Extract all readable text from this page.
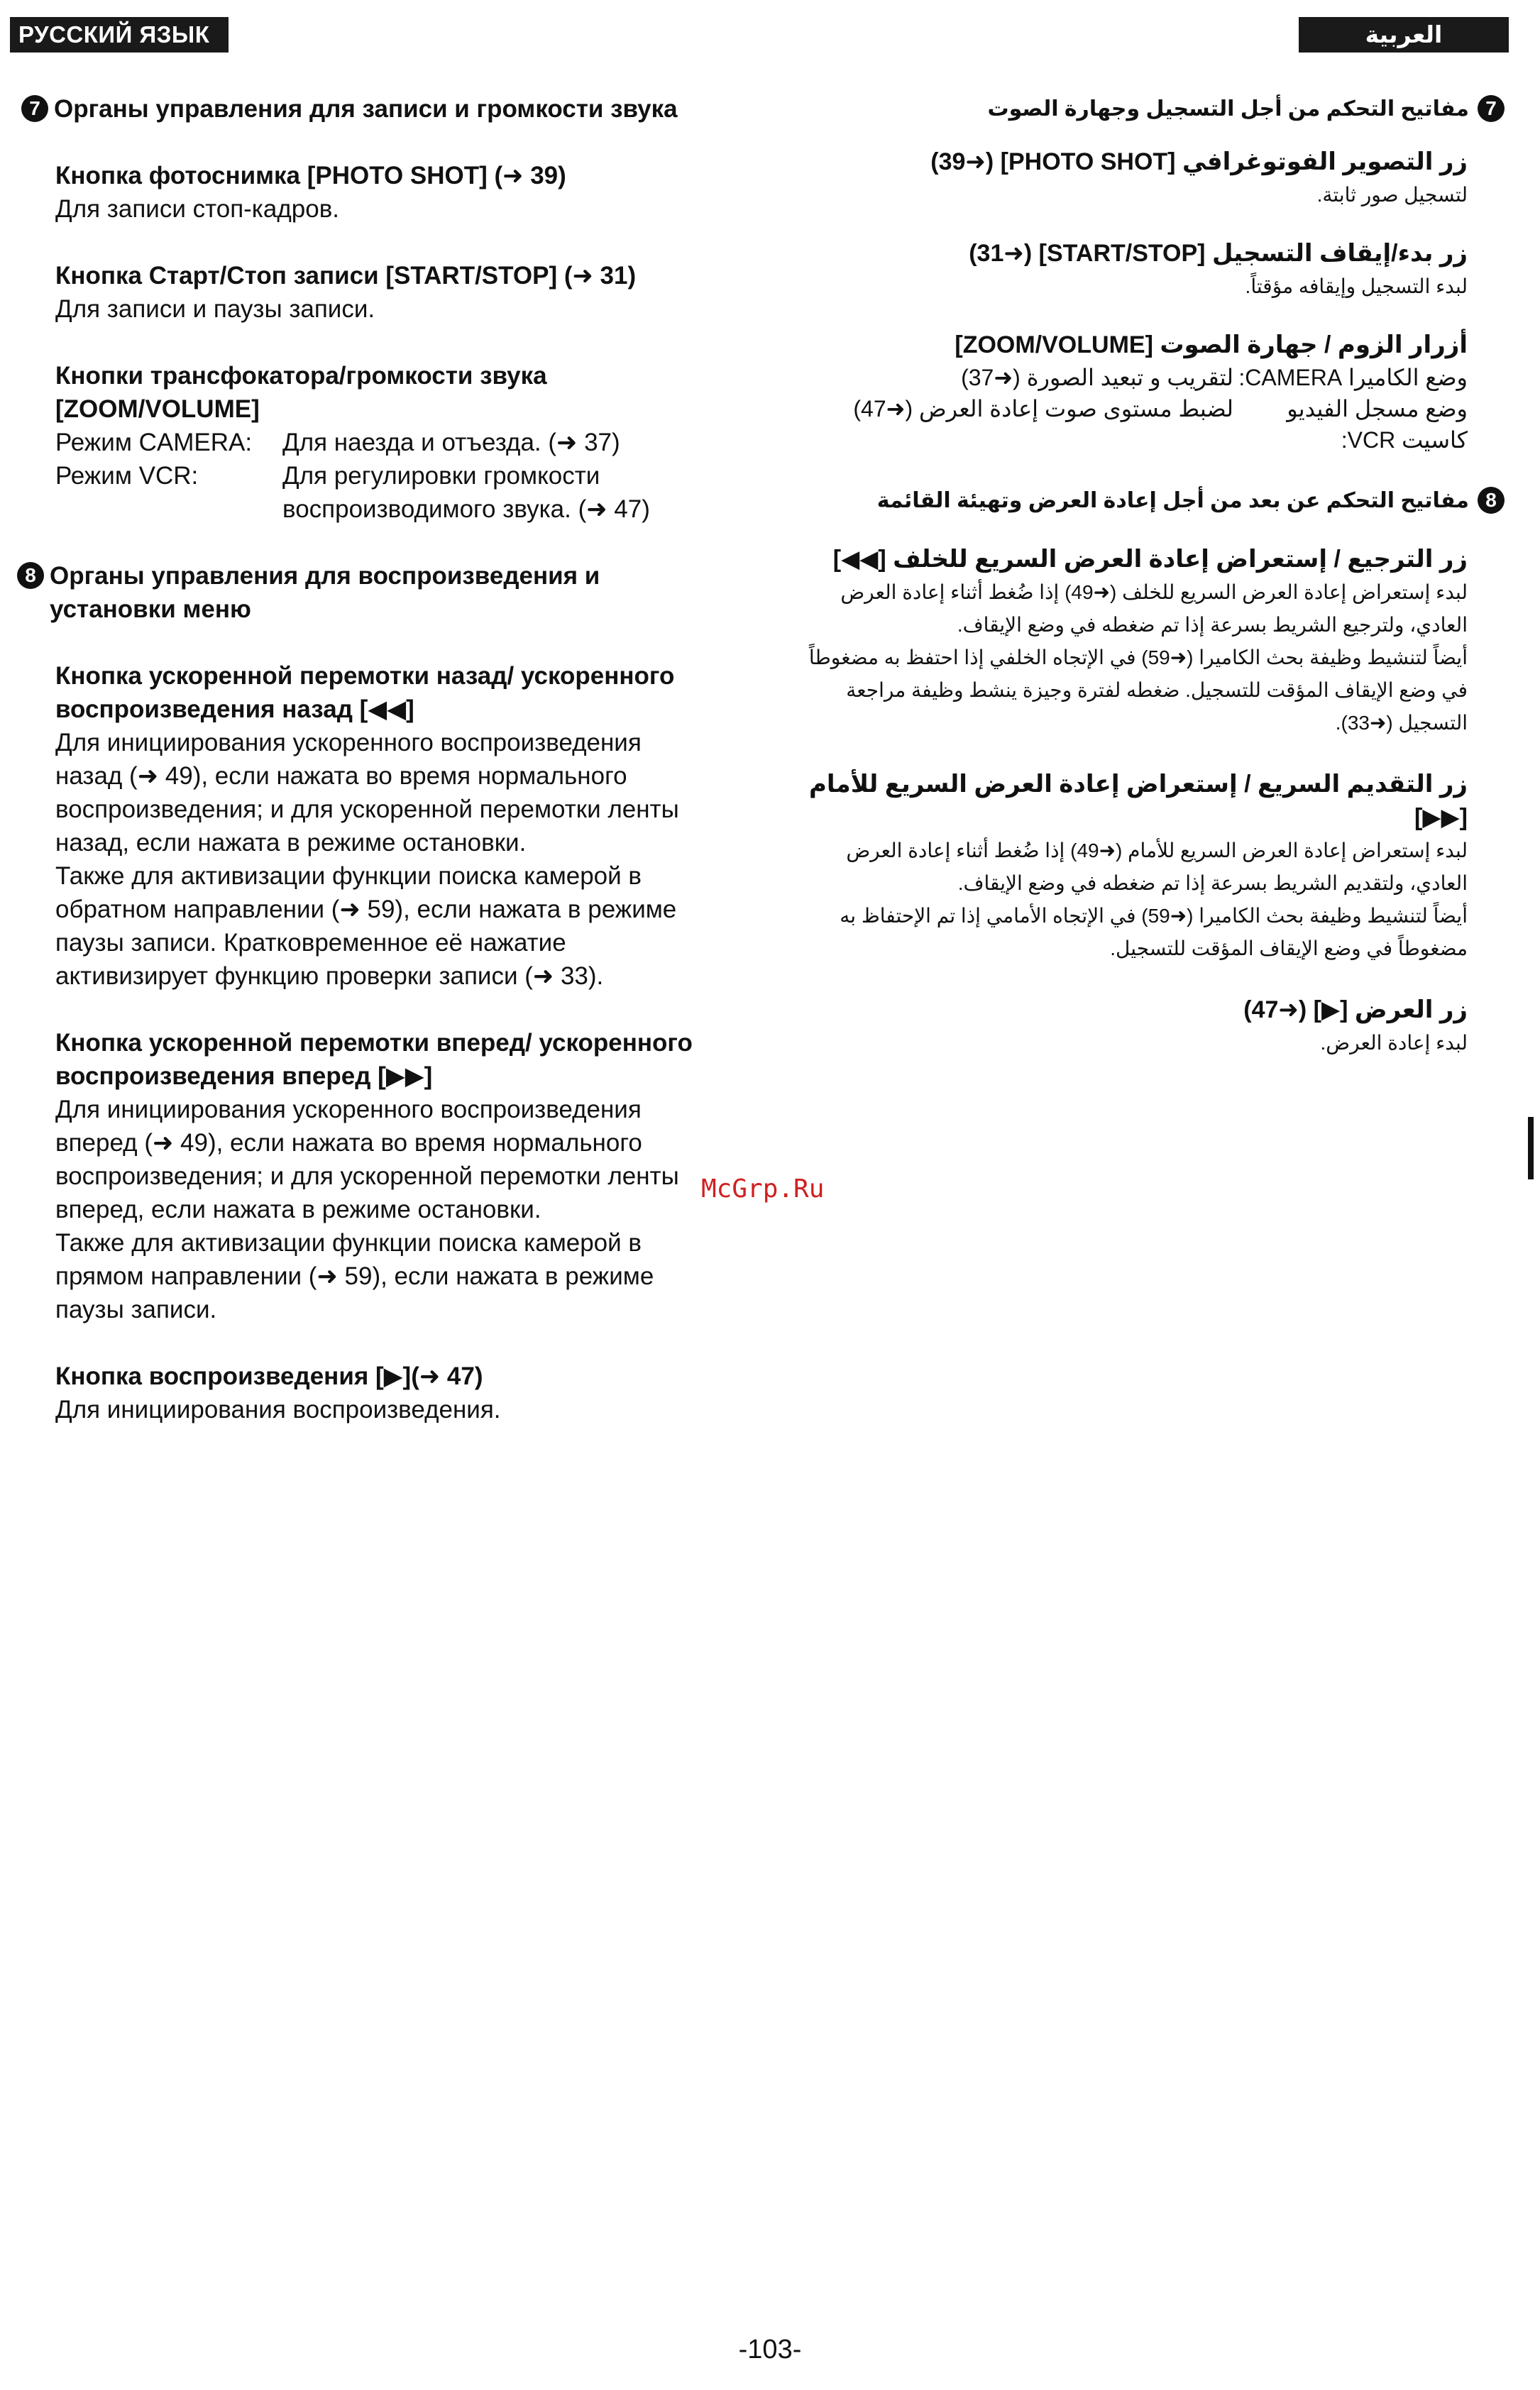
РУССКИЙ ЯЗЫК	العربية
7 Органы управления для записи и громкости звука
Кнопка фотоснимка [PHOTO SHOT] (➜ 39)
Для записи стоп-кадров.
Кнопка Старт/Стоп записи [START/STOP] (➜ 31)
Для записи и паузы записи.
Кнопки трансфокатора/громкости звука [ZOOM/VOLUME]
Режим CAMERA:	Для наезда и отъезда. (➜ 37)
Режим VCR:	Для регулировки громкости воспроизводимого звука. (➜ 47)
8 Органы управления для воспроизведения и установки меню
Кнопка ускоренной перемотки назад/ ускоренного воспроизведения назад [◀◀]
Для инициирования ускоренного воспроизведения назад (➜ 49), если нажата во время нормального воспроизведения; и для ускоренной перемотки ленты назад, если нажата в режиме остановки.
Также для активизации функции поиска камерой в обратном направлении (➜ 59), если нажата в режиме паузы записи. Кратковременное её нажатие активизирует функцию проверки записи (➜ 33).
Кнопка ускоренной перемотки вперед/ ускоренного воспроизведения вперед [▶▶]
Для инициирования ускоренного воспроизведения вперед (➜ 49), если нажата во время нормального воспроизведения; и для ускоренной перемотки ленты вперед, если нажата в режиме остановки.
Также для активизации функции поиска камерой в прямом направлении (➜ 59), если нажата в режиме паузы записи.
Кнопка воспроизведения [▶](➜ 47)
Для инициирования воспроизведения.
7
مفاتيح التحكم من أجل التسجيل وجهارة الصوت
زر التصوير الفوتوغرافي [PHOTO SHOT] (➜39)
لتسجيل صور ثابتة.
زر بدء/إيقاف التسجيل [START/STOP] (➜31)
لبدء التسجيل وإيقافه مؤقتاً.
أزرار الزوم / جهارة الصوت [ZOOM/VOLUME]
وضع الكاميرا CAMERA:
لتقريب و تبعيد الصورة (➜37)
وضع مسجل الفيديو كاسيت VCR:
لضبط مستوى صوت إعادة العرض (➜47)
8
مفاتيح التحكم عن بعد من أجل إعادة العرض وتهيئة القائمة
زر الترجيع / إستعراض إعادة العرض السريع للخلف [◀◀]
لبدء إستعراض إعادة العرض السريع للخلف (➜49) إذا ضُغط أثناء إعادة العرض العادي، ولترجيع الشريط بسرعة إذا تم ضغطه في وضع الإيقاف.
أيضاً لتنشيط وظيفة بحث الكاميرا (➜59) في الإتجاه الخلفي إذا احتفظ به مضغوطاً في وضع الإيقاف المؤقت للتسجيل. ضغطه لفترة وجيزة ينشط وظيفة مراجعة التسجيل (➜33).
زر التقديم السريع / إستعراض إعادة العرض السريع للأمام [▶▶]
لبدء إستعراض إعادة العرض السريع للأمام (➜49) إذا ضُغط أثناء إعادة العرض العادي، ولتقديم الشريط بسرعة إذا تم ضغطه في وضع الإيقاف.
أيضاً لتنشيط وظيفة بحث الكاميرا (➜59) في الإتجاه الأمامي إذا تم الإحتفاظ به مضغوطاً في وضع الإيقاف المؤقت للتسجيل.
زر العرض [▶] (➜47)
لبدء إعادة العرض.
McGrp.Ru
-103-
